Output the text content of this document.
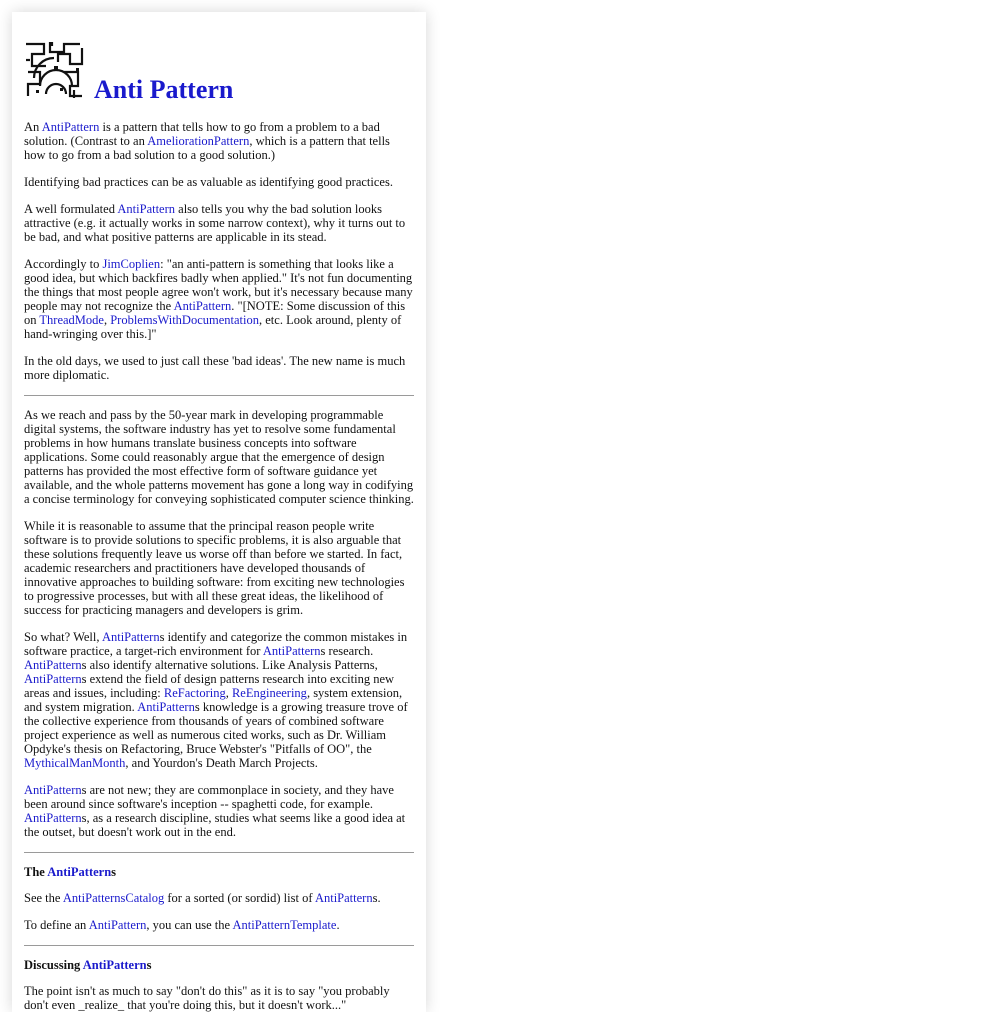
Anti Pattern

An AntiPattern is a pattern that tells how to go from a problem to a bad solution. (Contrast to an AmeliorationPattern, which is a pattern that tells how to go from a bad solution to a good solution.)

Identifying bad practices can be as valuable as identifying good practices.

A well formulated AntiPattern also tells you why the bad solution looks attractive (e.g. it actually works in some narrow context), why it turns out to be bad, and what positive patterns are applicable in its stead.

Accordingly to JimCoplien: "an anti-pattern is something that looks like a good idea, but which backfires badly when applied." It's not fun documenting the things that most people agree won't work, but it's necessary because many people may not recognize the AntiPattern. "[NOTE: Some discussion of this on ThreadMode, ProblemsWithDocumentation, etc. Look around, plenty of hand-wringing over this.]"

In the old days, we used to just call these 'bad ideas'. The new name is much more diplomatic.

As we reach and pass by the 50-year mark in developing programmable digital systems, the software industry has yet to resolve some fundamental problems in how humans translate business concepts into software applications. Some could reasonably argue that the emergence of design patterns has provided the most effective form of software guidance yet available, and the whole patterns movement has gone a long way in codifying a concise terminology for conveying sophisticated computer science thinking.

While it is reasonable to assume that the principal reason people write software is to provide solutions to specific problems, it is also arguable that these solutions frequently leave us worse off than before we started. In fact, academic researchers and practitioners have developed thousands of innovative approaches to building software: from exciting new technologies to progressive processes, but with all these great ideas, the likelihood of success for practicing managers and developers is grim.

So what? Well, AntiPatterns identify and categorize the common mistakes in software practice, a target-rich environment for AntiPatterns research. AntiPatterns also identify alternative solutions. Like Analysis Patterns, AntiPatterns extend the field of design patterns research into exciting new areas and issues, including: ReFactoring, ReEngineering, system extension, and system migration. AntiPatterns knowledge is a growing treasure trove of the collective experience from thousands of years of combined software project experience as well as numerous cited works, such as Dr. William Opdyke's thesis on Refactoring, Bruce Webster's "Pitfalls of OO", the MythicalManMonth, and Yourdon's Death March Projects.

AntiPatterns are not new; they are commonplace in society, and they have been around since software's inception -- spaghetti code, for example. AntiPatterns, as a research discipline, studies what seems like a good idea at the outset, but doesn't work out in the end.

The AntiPatterns

See the AntiPatternsCatalog for a sorted (or sordid) list of AntiPatterns.

To define an AntiPattern, you can use the AntiPatternTemplate.

Discussing AntiPatterns

The point isn't as much to say "don't do this" as it is to say "you probably don't even _realize_ that you're doing this, but it doesn't work..."
